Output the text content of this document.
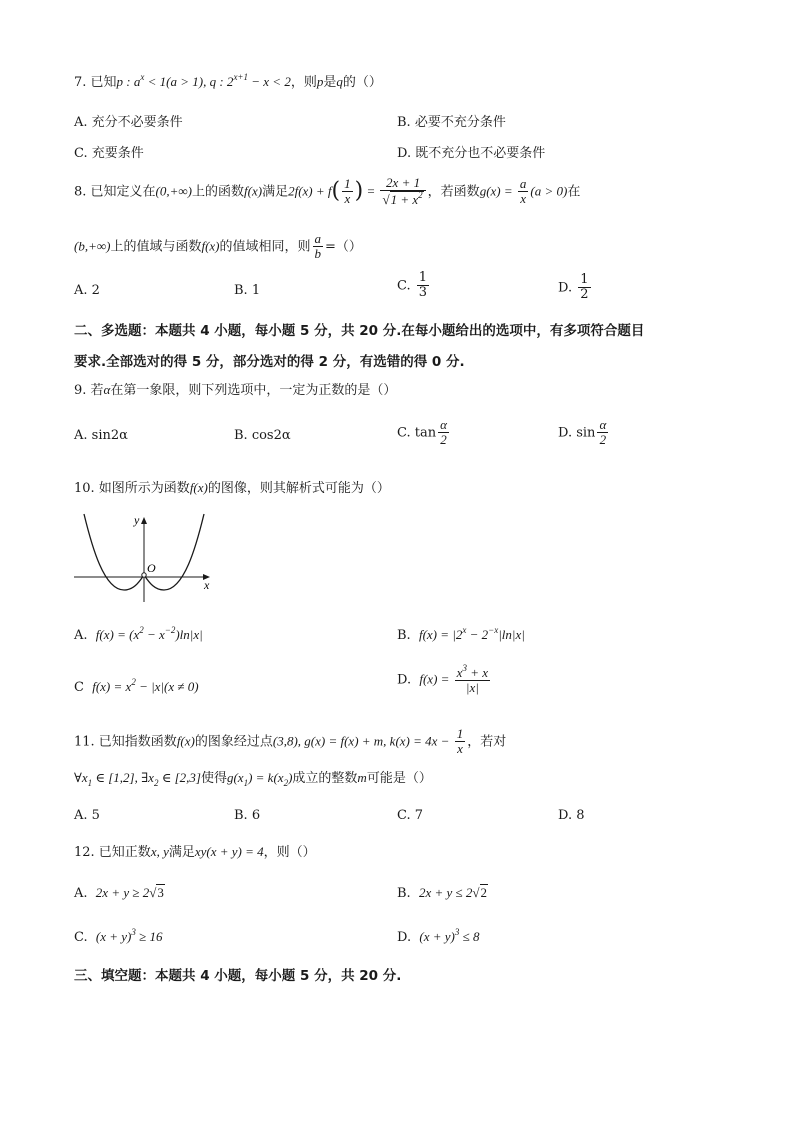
7. 已知p : $a^x < 1(a > 1)$, q : $2^{x+1} - x < 2$，则p是q的（）
A. 充分不必要条件	B. 必要不充分条件
C. 充要条件	D. 既不充分也不必要条件
8. 已知定义在(0,+∞)上的函数f(x)满足$2f(x) + f( \frac{1}{x}$ ) = $\frac{2x + 1}{√1 + x^2}$ ，若函数$g(x) = \frac{a}{x} (a > 0)$在
(b,+∞)上的值域与函数f(x)的值域相同，则 $\frac{a}{b}$ =（）
A. 2	B. 1	C. $\frac{1}{3}$	D. $\frac{1}{2}$
二、多选题：本题共 4 小题，每小题 5 分，共 20 分.在每小题给出的选项中，有多项符合题目
要求.全部选对的得 5 分，部分选对的得 2 分，有选错的得 0 分.
9. 若α在第一象限，则下列选项中，一定为正数的是（）
A. sin2α	B. cos2α	C. $\tan \frac{\alpha}{2}$	D. $\sin \frac{\alpha}{2}$
10. 如图所示为函数f(x)的图像，则其解析式可能为（）
y
x
O
A. $f(x) = (x^2 - x^{-2})\ln|x|$	B. $f(x) = |2^x - 2^{-x}|\ln|x|$
C $f(x) = x^2 - |x|(x \ne 0)$	D. $f(x) = \frac{x^3 + x}{|x|}$
11. 已知指数函数f(x)的图象经过点(3,8), g(x) = f(x) + m, $k(x) = 4x - \frac{1}{x}$ ，若对
$\forall x_1$ ∈ [1,2], $\exists x_2$ ∈ [2,3]使得$g(x_1) = k(x_2)$成立的整数m可能是（）
A. 5	B. 6	C. 7	D. 8
12. 已知正数x, y满足xy(x + y) = 4，则（）
A. 2x + y ≥ 2√3	B. 2x + y ≤ 2√2
C. $(x + y)^3 \ge 16$	D. $(x + y)^3 \le 8$
三、填空题：本题共 4 小题，每小题 5 分，共 20 分.
